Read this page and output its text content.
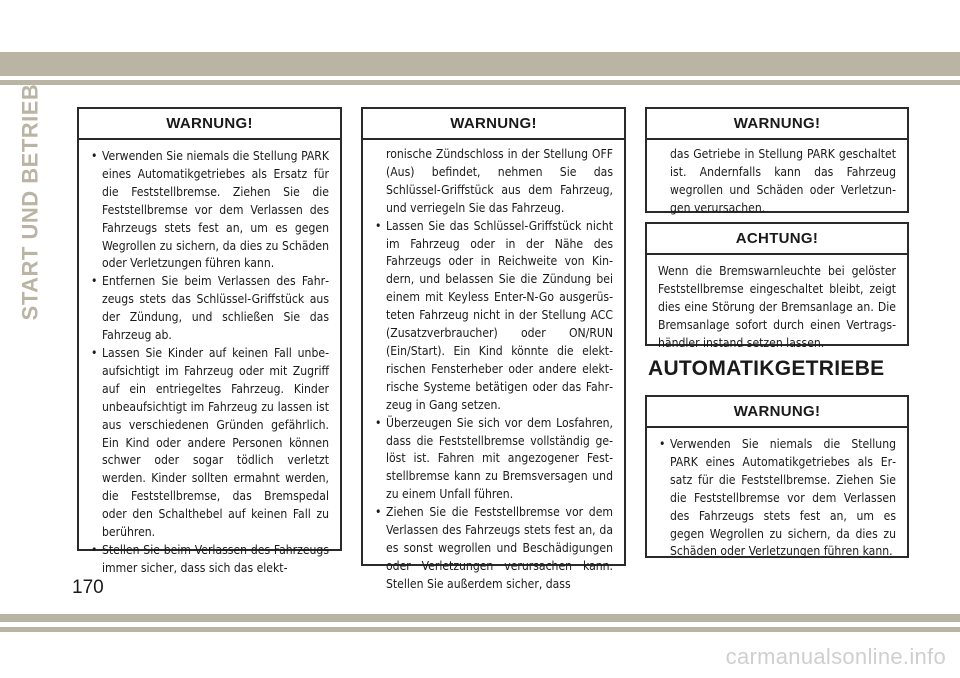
START UND BETRIEB	WARNUNG!

• Verwenden Sie niemals die Stellung PARK eines Automatikgetriebes als Ersatz für die Feststellbremse. Ziehen Sie die Feststellbremse vor dem Verlassen des Fahrzeugs stets fest an, um es gegen Wegrollen zu sichern, da dies zu Schäden oder Verletzungen führen kann.

• Entfernen Sie beim Verlassen des Fahrzeugs stets das Schlüssel-Griffstück aus der Zündung, und schließen Sie das Fahrzeug ab.

• Lassen Sie Kinder auf keinen Fall unbeaufsichtigt im Fahrzeug oder mit Zugriff auf ein entriegeltes Fahrzeug. Kinder unbeaufsichtigt im Fahrzeug zu lassen ist aus verschiedenen Gründen gefährlich. Ein Kind oder andere Personen können schwer oder sogar tödlich verletzt werden. Kinder sollten ermahnt werden, die Feststellbremse, das Bremspedal oder den Schalthebel auf keinen Fall zu berühren.

• Stellen Sie beim Verlassen des Fahrzeugs immer sicher, dass sich das elekt-

WARNUNG!

ronische Zündschloss in der Stellung OFF (Aus) befindet, nehmen Sie das Schlüssel-Griffstück aus dem Fahrzeug, und verriegeln Sie das Fahrzeug.

• Lassen Sie das Schlüssel-Griffstück nicht im Fahrzeug oder in der Nähe des Fahrzeugs oder in Reichweite von Kindern, und belassen Sie die Zündung bei einem mit Keyless Enter-N-Go ausgerüsteten Fahrzeug nicht in der Stellung ACC (Zusatzverbraucher) oder ON/RUN (Ein/Start). Ein Kind könnte die elektrischen Fensterheber oder andere elektrische Systeme betätigen oder das Fahrzeug in Gang setzen.

• Überzeugen Sie sich vor dem Losfahren, dass die Feststellbremse vollständig gelöst ist. Fahren mit angezogener Feststellbremse kann zu Bremsversagen und zu einem Unfall führen.

• Ziehen Sie die Feststellbremse vor dem Verlassen des Fahrzeugs stets fest an, da es sonst wegrollen und Beschädigungen oder Verletzungen verursachen kann. Stellen Sie außerdem sicher, dass

WARNUNG!

das Getriebe in Stellung PARK geschaltet ist. Andernfalls kann das Fahrzeug wegrollen und Schäden oder Verletzungen verursachen.

ACHTUNG!

Wenn die Bremswarnleuchte bei gelöster Feststellbremse eingeschaltet bleibt, zeigt dies eine Störung der Bremsanlage an. Die Bremsanlage sofort durch einen Vertragshändler instand setzen lassen.

AUTOMATIKGETRIEBE
WARNUNG!

• Verwenden Sie niemals die Stellung PARK eines Automatikgetriebes als Ersatz für die Feststellbremse. Ziehen Sie die Feststellbremse vor dem Verlassen des Fahrzeugs stets fest an, um es gegen Wegrollen zu sichern, da dies zu Schäden oder Verletzungen führen kann.

170
carmanualsonline.info
